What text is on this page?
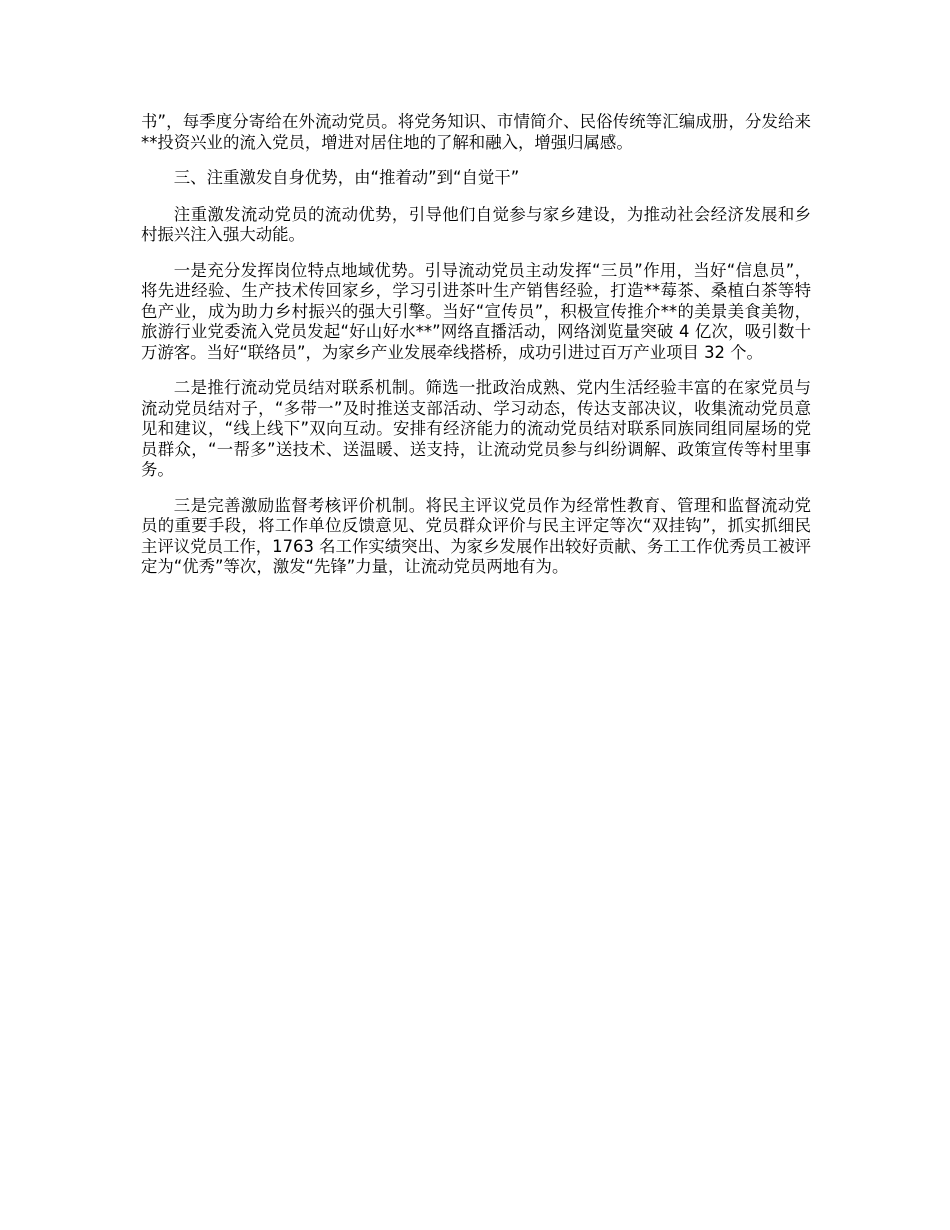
书”，每季度分寄给在外流动党员。将党务知识、市情简介、民俗传统等汇编成册，分发给来**投资兴业的流入党员，增进对居住地的了解和融入，增强归属感。

三、注重激发自身优势，由“推着动”到“自觉干”

注重激发流动党员的流动优势，引导他们自觉参与家乡建设，为推动社会经济发展和乡村振兴注入强大动能。

一是充分发挥岗位特点地域优势。引导流动党员主动发挥“三员”作用，当好“信息员”，将先进经验、生产技术传回家乡，学习引进茶叶生产销售经验，打造**莓茶、桑植白茶等特色产业，成为助力乡村振兴的强大引擎。当好“宣传员”，积极宣传推介**的美景美食美物，旅游行业党委流入党员发起“好山好水**”网络直播活动，网络浏览量突破 4 亿次，吸引数十万游客。当好“联络员”，为家乡产业发展牵线搭桥，成功引进过百万产业项目 32 个。

二是推行流动党员结对联系机制。筛选一批政治成熟、党内生活经验丰富的在家党员与流动党员结对子，“多带一”及时推送支部活动、学习动态，传达支部决议，收集流动党员意见和建议，“线上线下”双向互动。安排有经济能力的流动党员结对联系同族同组同屋场的党员群众，“一帮多”送技术、送温暖、送支持，让流动党员参与纠纷调解、政策宣传等村里事务。

三是完善激励监督考核评价机制。将民主评议党员作为经常性教育、管理和监督流动党员的重要手段，将工作单位反馈意见、党员群众评价与民主评定等次“双挂钩”，抓实抓细民主评议党员工作，1763 名工作实绩突出、为家乡发展作出较好贡献、务工工作优秀员工被评定为“优秀”等次，激发“先锋”力量，让流动党员两地有为。
